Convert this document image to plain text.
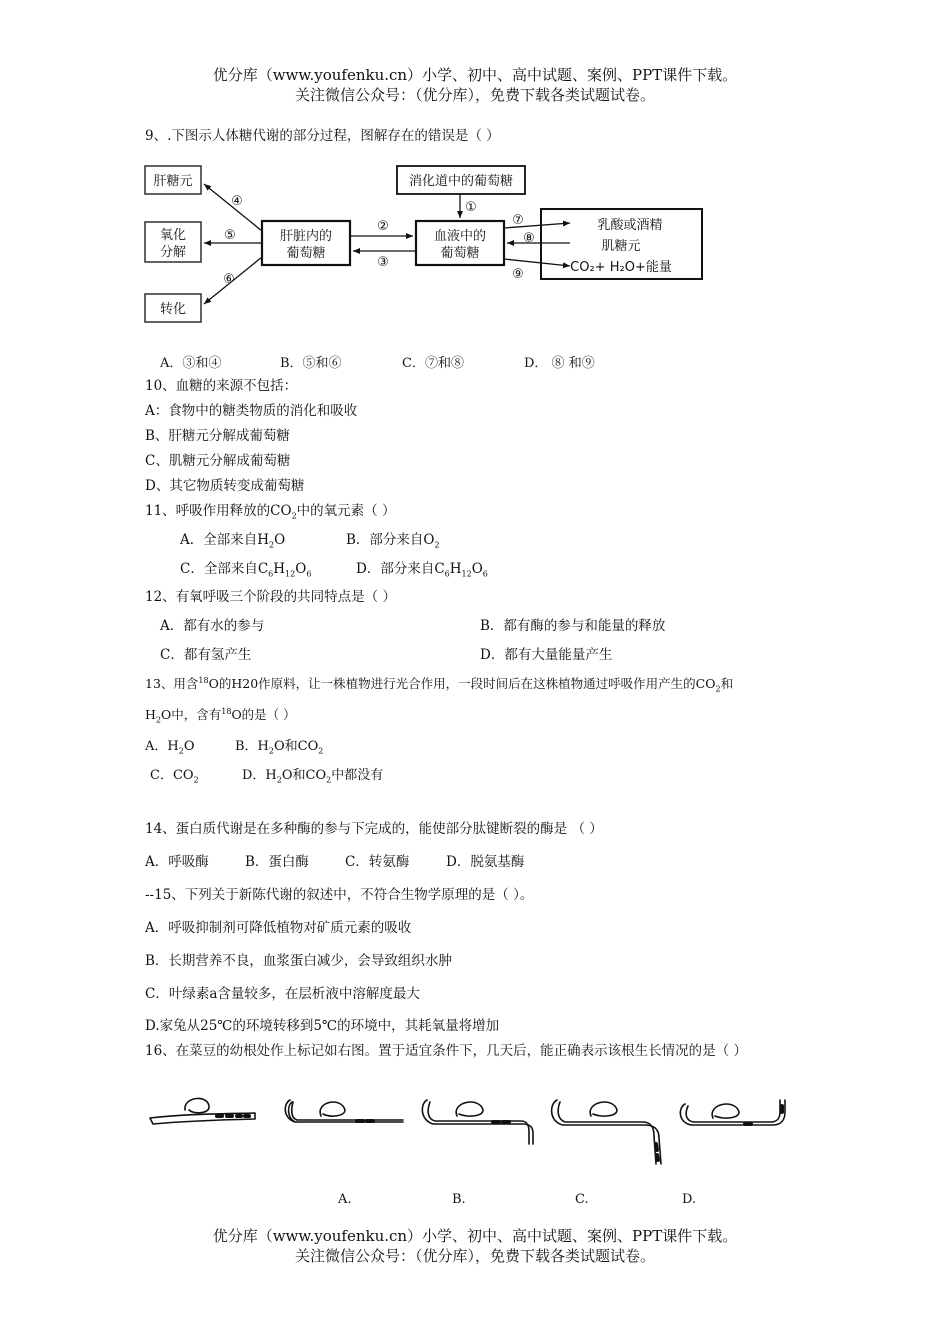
优分库（www.youfenku.cn）小学、初中、高中试题、案例、PPT课件下载。
关注微信公众号：（优分库），免费下载各类试题试卷。
9、.下图示人体糖代谢的部分过程，图解存在的错误是（ ）
肝糖元
氧化
分解
转化
肝脏内的
葡萄糖
消化道中的葡萄糖
血液中的
葡萄糖
乳酸或酒精
肌糖元
CO₂+ H₂O+能量
④
⑤
⑥
②
③
①
⑦
⑧
⑨
A．③和④	B．⑤和⑥	C．⑦和⑧	D． ⑧ 和⑨
10、血糖的来源不包括：
A：食物中的糖类物质的消化和吸收
B、肝糖元分解成葡萄糖
C、肌糖元分解成葡萄糖
D、其它物质转变成葡萄糖
11、呼吸作用释放的$CO_2$中的氧元素（ ）
A．全部来自$H_2O$	B．部分来自$O_2$
C．全部来自$C_6H_{12}O_6$	D．部分来自$C_6H_{12}O_6$
12、有氧呼吸三个阶段的共同特点是（ ）
A．都有水的参与	B．都有酶的参与和能量的释放
C．都有氢产生	D．都有大量能量产生
13、用含$^{18}$O的H20作原料，让一株植物进行光合作用，一段时间后在这株植物通过呼吸作用产生的$CO_2$和
$H_2O$中，含有$^{18}$O的是（ ）
A．$H_2O$	B．$H_2O$和$CO_2$
C．$CO_2$	D．$H_2O$和$CO_2$中都没有
14、蛋白质代谢是在多种酶的参与下完成的，能使部分肽键断裂的酶是 （ ）
A．呼吸酶	B．蛋白酶	C．转氨酶	D．脱氨基酶
--15、下列关于新陈代谢的叙述中，不符合生物学原理的是（ ）。
A．呼吸抑制剂可降低植物对矿质元素的吸收
B．长期营养不良，血浆蛋白减少，会导致组织水肿
C．叶绿素a含量较多，在层析液中溶解度最大
D.家兔从25℃的环境转移到5℃的环境中，其耗氧量将增加
16、在菜豆的幼根处作上标记如右图。置于适宜条件下，几天后，能正确表示该根生长情况的是（ ）
A.	B.	C.	D.
优分库（www.youfenku.cn）小学、初中、高中试题、案例、PPT课件下载。
关注微信公众号：（优分库），免费下载各类试题试卷。
